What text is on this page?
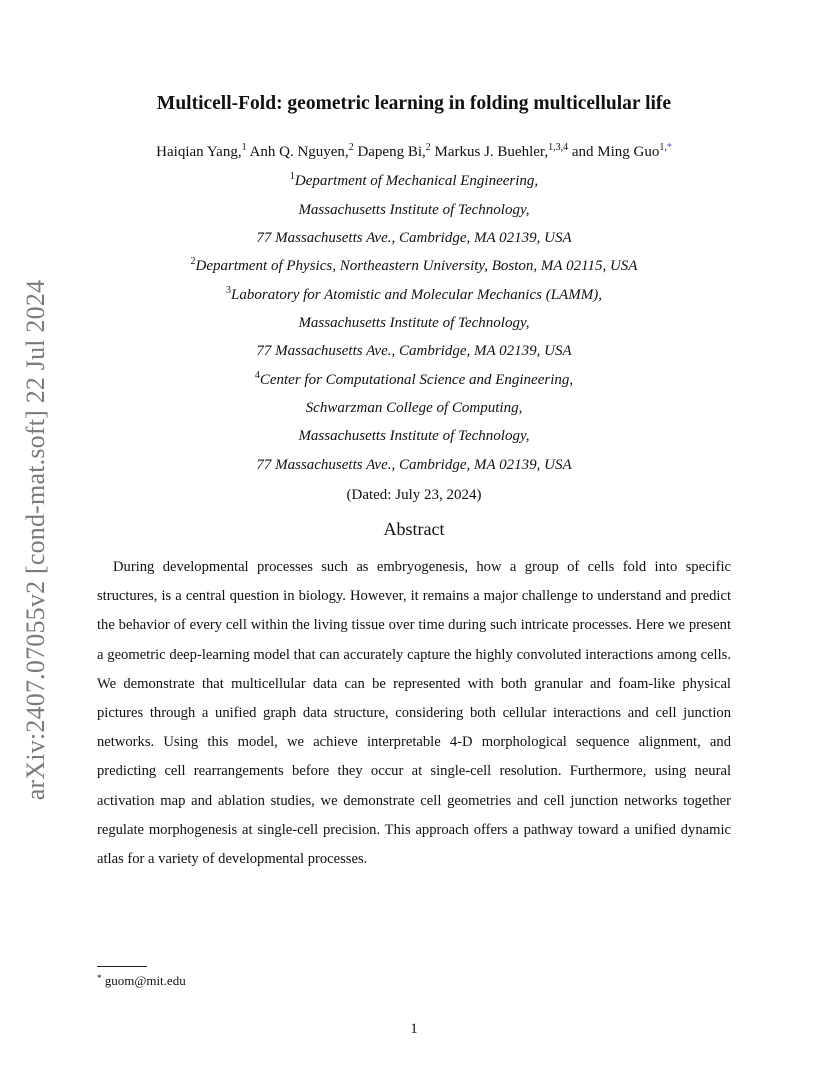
arXiv:2407.07055v2 [cond-mat.soft] 22 Jul 2024
Multicell-Fold: geometric learning in folding multicellular life
Haiqian Yang,$^1$ Anh Q. Nguyen,$^2$ Dapeng Bi,$^2$ Markus J. Buehler,$^{1,3,4}$ and Ming Guo$^{1,*}$
$^1$Department of Mechanical Engineering,
Massachusetts Institute of Technology,
77 Massachusetts Ave., Cambridge, MA 02139, USA
$^2$Department of Physics, Northeastern University, Boston, MA 02115, USA
$^3$Laboratory for Atomistic and Molecular Mechanics (LAMM),
Massachusetts Institute of Technology,
77 Massachusetts Ave., Cambridge, MA 02139, USA
$^4$Center for Computational Science and Engineering,
Schwarzman College of Computing,
Massachusetts Institute of Technology,
77 Massachusetts Ave., Cambridge, MA 02139, USA
(Dated: July 23, 2024)
Abstract

During developmental processes such as embryogenesis, how a group of cells fold into specific structures, is a central question in biology. However, it remains a major challenge to understand and predict the behavior of every cell within the living tissue over time during such intricate processes. Here we present a geometric deep-learning model that can accurately capture the highly convoluted interactions among cells. We demonstrate that multicellular data can be represented with both granular and foam-like physical pictures through a unified graph data structure, considering both cellular interactions and cell junction networks. Using this model, we achieve interpretable 4-D morphological sequence alignment, and predicting cell rearrangements before they occur at single-cell resolution. Furthermore, using neural activation map and ablation studies, we demonstrate cell geometries and cell junction networks together regulate morphogenesis at single-cell precision. This approach offers a pathway toward a unified dynamic atlas for a variety of developmental processes.

* guom@mit.edu
1
